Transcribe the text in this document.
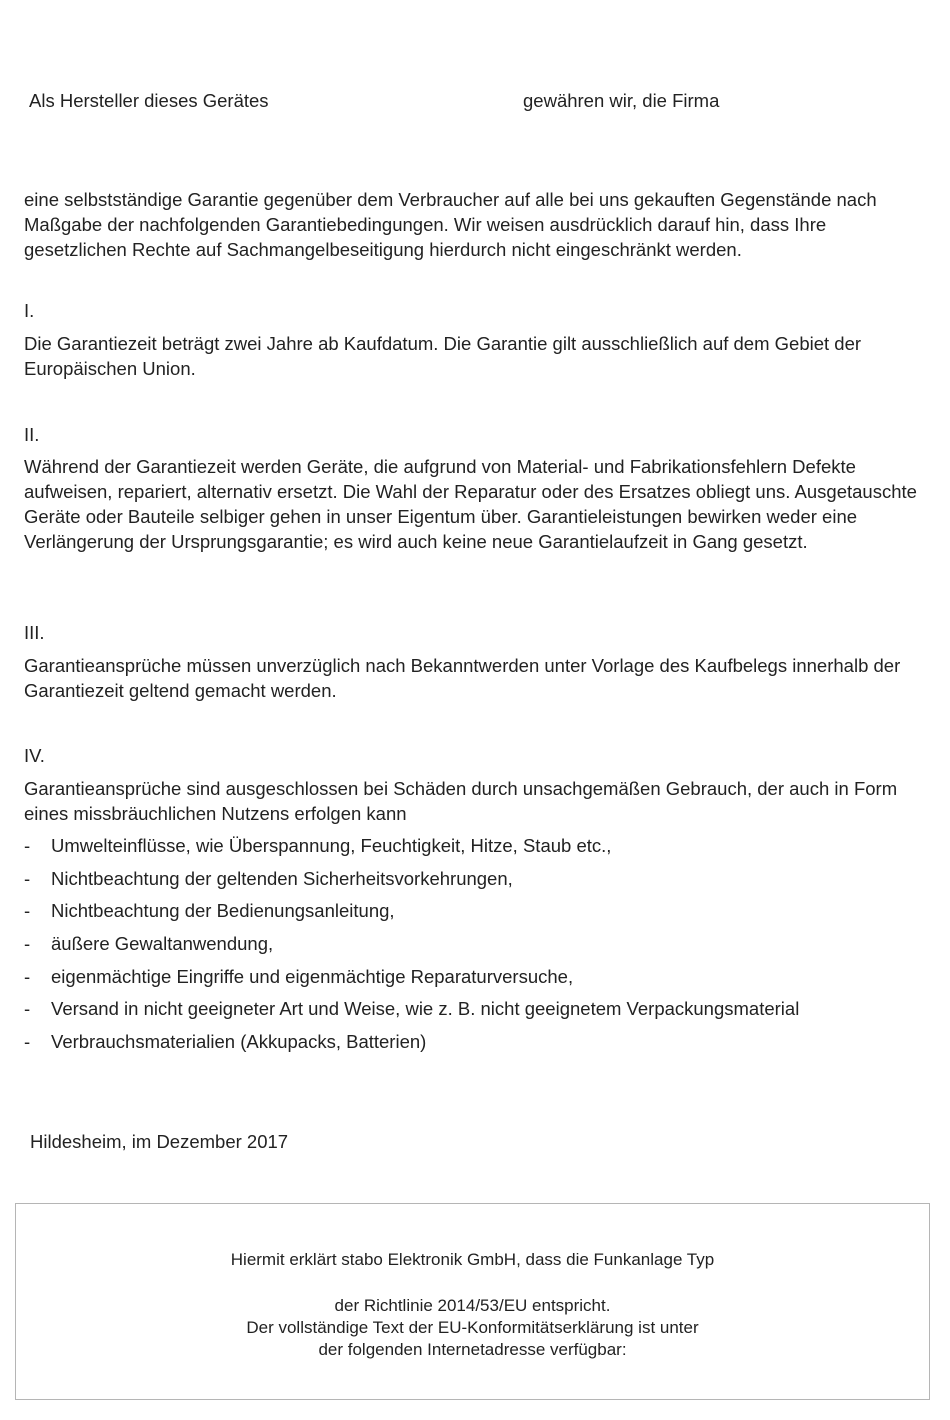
Als Hersteller dieses Gerätes	gewähren wir, die Firma

eine selbstständige Garantie gegenüber dem Verbraucher auf alle bei uns gekauften Gegenstände nach Maßgabe der nachfolgenden Garantiebedingungen. Wir weisen ausdrücklich darauf hin, dass Ihre gesetzlichen Rechte auf Sachmangelbeseitigung hierdurch nicht eingeschränkt werden.

I.

Die Garantiezeit beträgt zwei Jahre ab Kaufdatum. Die Garantie gilt ausschließlich auf dem Gebiet der Europäischen Union.

II.

Während der Garantiezeit werden Geräte, die aufgrund von Material- und Fabrikationsfehlern Defekte aufweisen, repariert, alternativ ersetzt. Die Wahl der Reparatur oder des Ersatzes obliegt uns. Ausgetauschte Geräte oder Bauteile selbiger gehen in unser Eigentum über. Garantieleistungen bewirken weder eine Verlängerung der Ursprungsgarantie; es wird auch keine neue Garantielaufzeit in Gang gesetzt.

III.

Garantieansprüche müssen unverzüglich nach Bekanntwerden unter Vorlage des Kaufbelegs innerhalb der Garantiezeit geltend gemacht werden.

IV.

Garantieansprüche sind ausgeschlossen bei Schäden durch unsachgemäßen Gebrauch, der auch in Form eines missbräuchlichen Nutzens erfolgen kann

- Umwelteinflüsse, wie Überspannung, Feuchtigkeit, Hitze, Staub etc.,
- Nichtbeachtung der geltenden Sicherheitsvorkehrungen,
- Nichtbeachtung der Bedienungsanleitung,
- äußere Gewaltanwendung,
- eigenmächtige Eingriffe und eigenmächtige Reparaturversuche,
- Versand in nicht geeigneter Art und Weise, wie z. B. nicht geeignetem Verpackungsmaterial
- Verbrauchsmaterialien (Akkupacks, Batterien)

Hildesheim, im Dezember 2017

Hiermit erklärt stabo Elektronik GmbH, dass die Funkanlage Typ

der Richtlinie 2014/53/EU entspricht.

Der vollständige Text der EU-Konformitätserklärung ist unter

der folgenden Internetadresse verfügbar:
